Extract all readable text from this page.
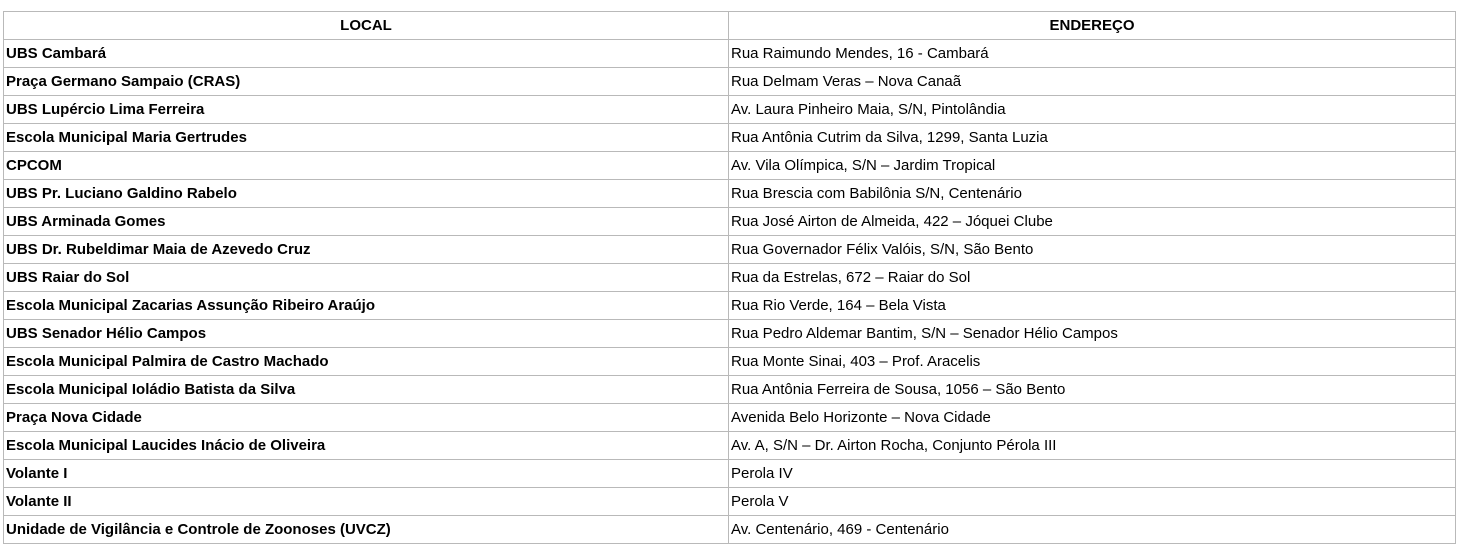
LOCAL	ENDEREÇO
UBS Cambará	Rua Raimundo Mendes, 16 - Cambará
Praça Germano Sampaio (CRAS)	Rua Delmam Veras – Nova Canaã
UBS Lupércio Lima Ferreira	Av. Laura Pinheiro Maia, S/N, Pintolândia
Escola Municipal Maria Gertrudes	Rua Antônia Cutrim da Silva, 1299, Santa Luzia
CPCOM	Av. Vila Olímpica, S/N – Jardim Tropical
UBS Pr. Luciano Galdino Rabelo	Rua Brescia com Babilônia S/N, Centenário
UBS Arminada Gomes	Rua José Airton de Almeida, 422 – Jóquei Clube
UBS Dr. Rubeldimar Maia de Azevedo Cruz	Rua Governador Félix Valóis, S/N, São Bento
UBS Raiar do Sol	Rua da Estrelas, 672 – Raiar do Sol
Escola Municipal Zacarias Assunção Ribeiro Araújo	Rua Rio Verde, 164 – Bela Vista
UBS Senador Hélio Campos	Rua Pedro Aldemar Bantim, S/N – Senador Hélio Campos
Escola Municipal Palmira de Castro Machado	Rua Monte Sinai, 403 – Prof. Aracelis
Escola Municipal Ioládio Batista da Silva	Rua Antônia Ferreira de Sousa, 1056 – São Bento
Praça Nova Cidade	Avenida Belo Horizonte – Nova Cidade
Escola Municipal Laucides Inácio de Oliveira	Av. A, S/N – Dr. Airton Rocha, Conjunto Pérola III
Volante I	Perola IV
Volante II	Perola V
Unidade de Vigilância e Controle de Zoonoses (UVCZ)	Av. Centenário, 469 - Centenário
